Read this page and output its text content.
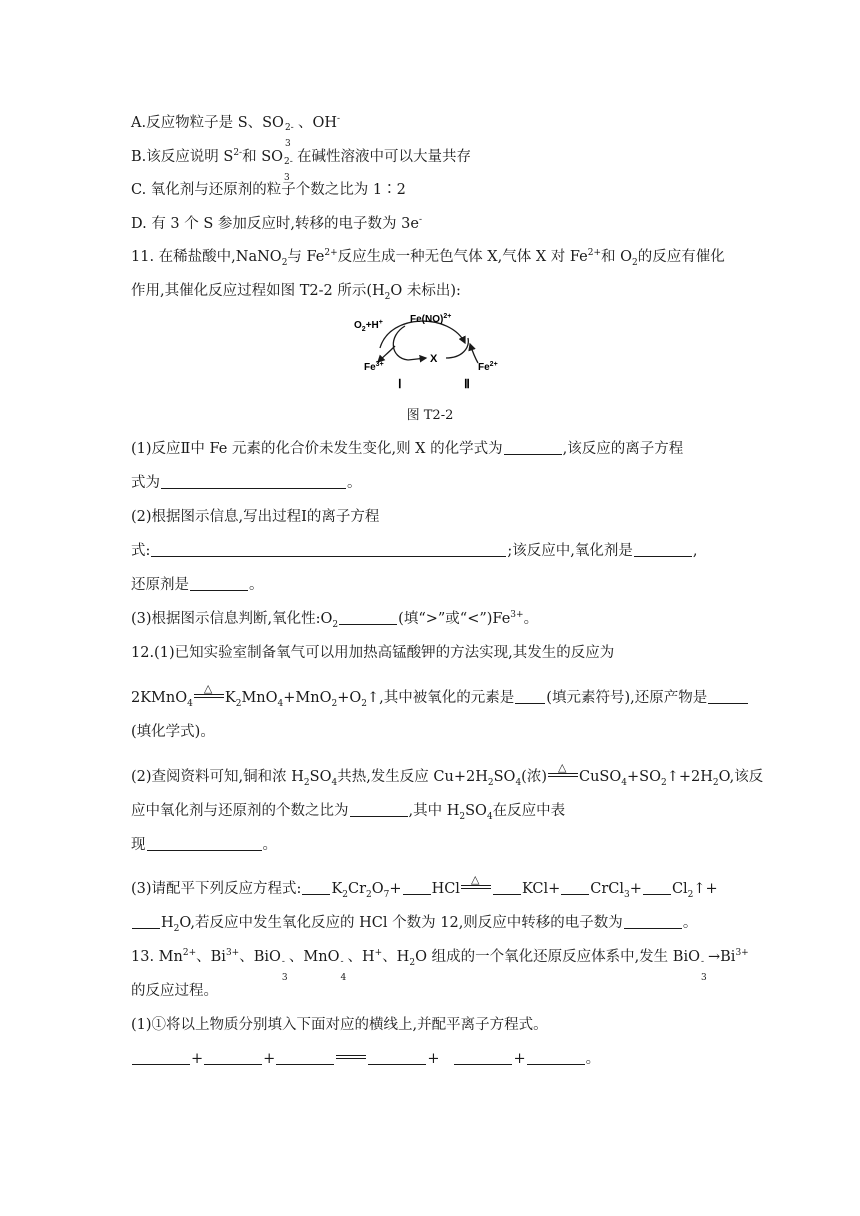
A.反应物粒子是 S、SO 2-
3
、OH-
B.该反应说明 $S^{2-}$和 SO 2-
3
在碱性溶液中可以大量共存
C. 氧化剂与还原剂的粒子个数之比为 1∶2
D. 有 3 个 S 参加反应时,转移的电子数为 3e-
11. 在稀盐酸中,NaNO$_2$与 $Fe^{2+}$反应生成一种无色气体 X,气体 X 对 $Fe^{2+}$和 $O_2$的反应有催化
作用,其催化反应过程如图 T2-2 所示($H_2O$ 未标出):
$O_2+H^+$	Fe(NO)$^{2+}$
X
$Fe^{3+}$	$Fe^{2+}$
Ⅰ	Ⅱ
图 T2-2
(1)反应Ⅱ中 Fe 元素的化合价未发生变化,则 X 的化学式为	,该反应的离子方程
式为	。
(2)根据图示信息,写出过程Ⅰ的离子方程
式:	;该反应中,氧化剂是	,
还原剂是	。
(3)根据图示信息判断,氧化性$:O_2$	(填“>”或“$<”)Fe^{3+}$。
12.(1)已知实验室制备氧气可以用加热高锰酸钾的方法实现,其发生的反应为
2KMnO$_4$
△
$K_2MnO_4+MnO_2+O_2↑$,其中被氧化的元素是 (填元素符号),还原产物是
(填化学式)。
(2)查阅资料可知,铜和浓 $H_2SO_4$共热,发生反应 $Cu+2H_2SO_4$(浓)
△
$CuSO_4+SO_2↑+2H_2O$,该反
应中氧化剂与还原剂的个数之比为	,其中 $H_2SO_4$在反应中表
现	。
(3)请配平下列反应方程式: $K_2Cr_2O_7+$ HCl
△
KCl+ CrCl$_3$+ $Cl_2↑+$
$H_2O$,若反应中发生氧化反应的 HCl 个数为 12,则反应中转移的电子数为	。
13. $Mn^{2+}$、$Bi^{3+}$、BiO -
3
、MnO -
4
、H+、$H_2O$ 组成的一个氧化还原反应体系中,发生 BiO -
3
$\to Bi^{3+}$
的反应过程。
(1)①将以上物质分别填入下面对应的横线上,并配平离子方程式。
+	+	+	+	。
